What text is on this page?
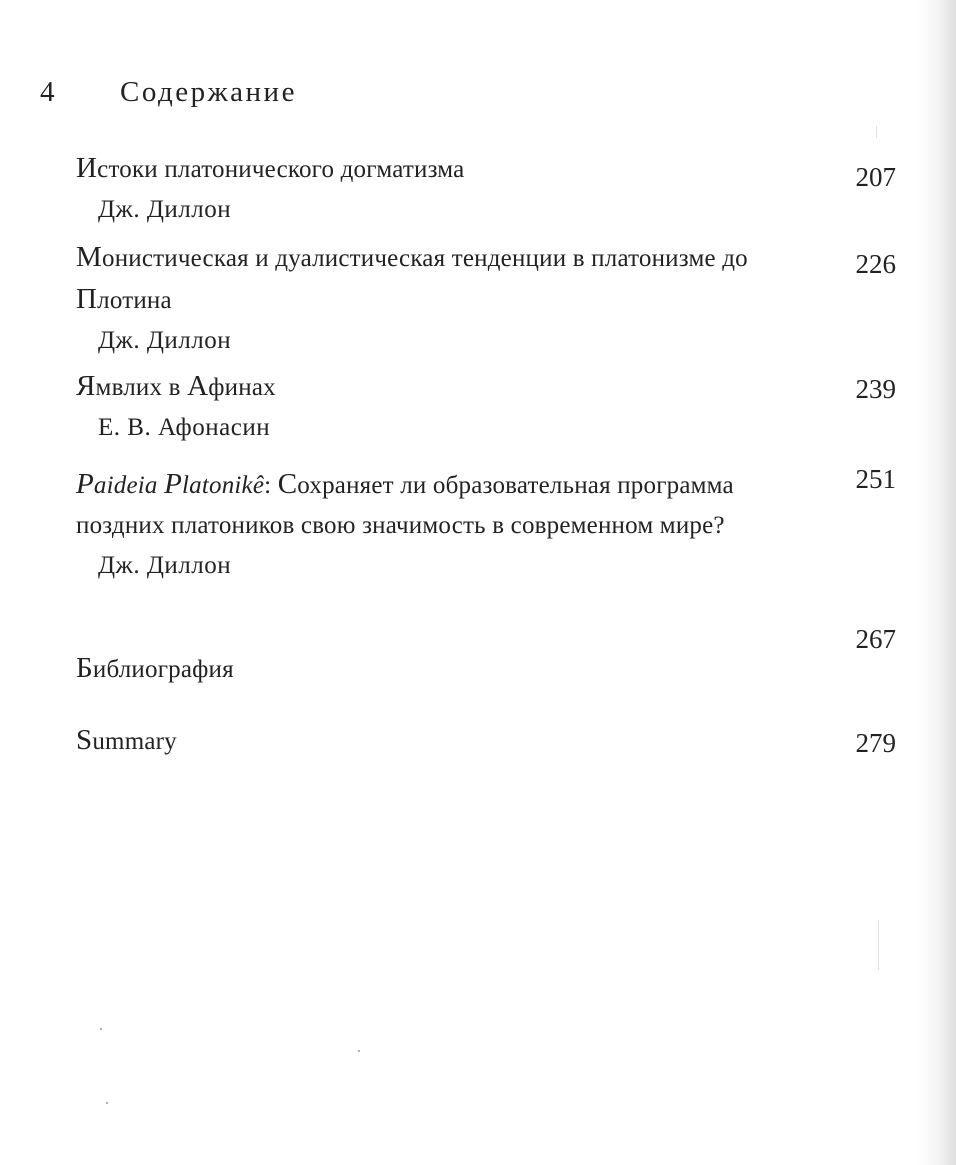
4 Содержание
Истоки платонического догматизма
Дж. Диллон
207
Монистическая и дуалистическая тенденции в платонизме до Плотина
Дж. Диллон
226
Ямвлих в Афинах
Е. В. Афонасин
239
Paideia Platonikê: Сохраняет ли образовательная программа поздних платоников свою значимость в современном мире?
Дж. Диллон
251
Библиография
267
Summary	279
